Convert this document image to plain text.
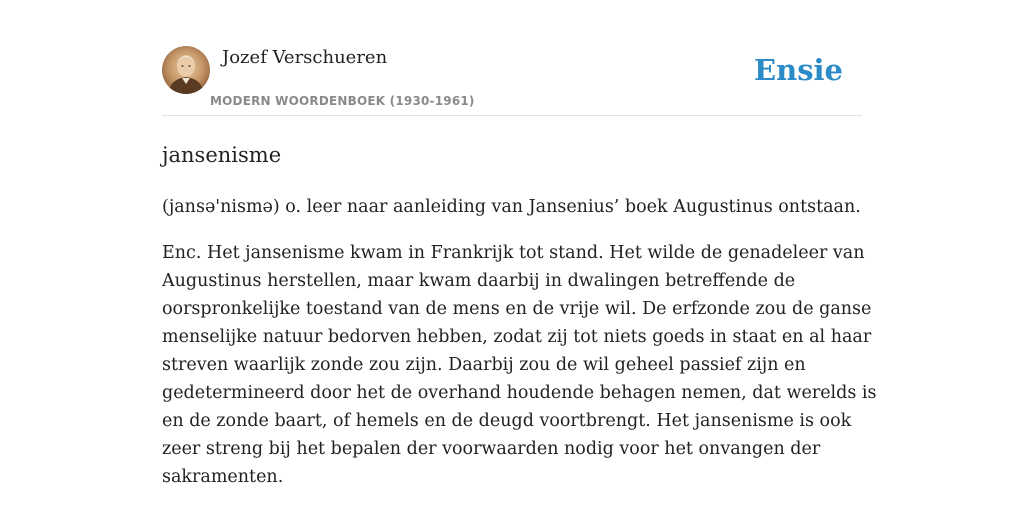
Jozef Verschueren
MODERN WOORDENBOEK (1930-1961)
Ensie
jansenisme
(jansə'nismə) o. leer naar aanleiding van Jansenius’ boek Augustinus ontstaan.
Enc. Het jansenisme kwam in Frankrijk tot stand. Het wilde de genadeleer van
Augustinus herstellen, maar kwam daarbij in dwalingen betreffende de
oorspronkelijke toestand van de mens en de vrije wil. De erfzonde zou de ganse
menselijke natuur bedorven hebben, zodat zij tot niets goeds in staat en al haar
streven waarlijk zonde zou zijn. Daarbij zou de wil geheel passief zijn en
gedetermineerd door het de overhand houdende behagen nemen, dat werelds is
en de zonde baart, of hemels en de deugd voortbrengt. Het jansenisme is ook
zeer streng bij het bepalen der voorwaarden nodig voor het onvangen der
sakramenten.
